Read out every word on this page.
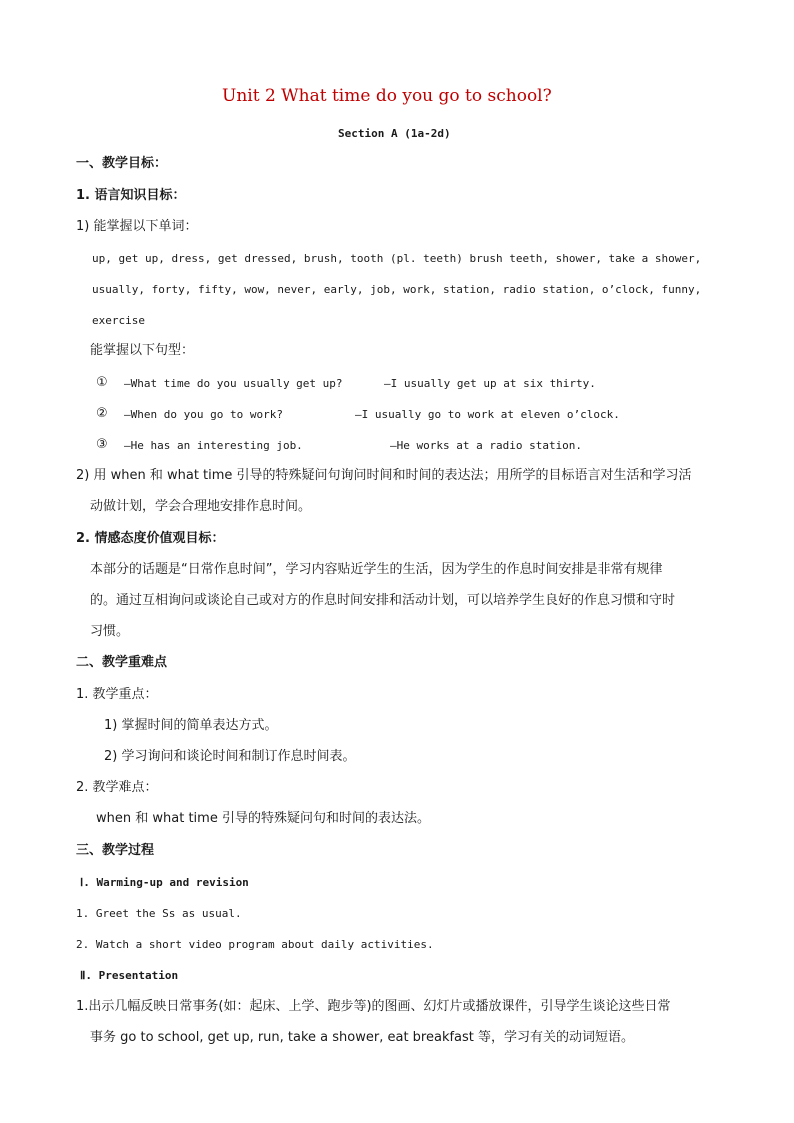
Unit 2 What time do you go to school?
Section A (1a-2d)
一、教学目标：
1. 语言知识目标：
1) 能掌握以下单词：
up, get up, dress, get dressed, brush, tooth (pl. teeth) brush teeth, shower, take a shower,
usually, forty, fifty, wow, never, early, job, work, station, radio station, o’clock, funny,
exercise
能掌握以下句型：
① —What time do you usually get up?	—I usually get up at six thirty.
② —When do you go to work?	—I usually go to work at eleven o’clock.
③ —He has an interesting job.	—He works at a radio station.
2) 用 when 和 what time 引导的特殊疑问句询问时间和时间的表达法；用所学的目标语言对生活和学习活
动做计划，学会合理地安排作息时间。
2. 情感态度价值观目标：
本部分的话题是“日常作息时间”，学习内容贴近学生的生活，因为学生的作息时间安排是非常有规律
的。通过互相询问或谈论自己或对方的作息时间安排和活动计划，可以培养学生良好的作息习惯和守时
习惯。
二、教学重难点
1. 教学重点：
1) 掌握时间的简单表达方式。
2) 学习询问和谈论时间和制订作息时间表。
2. 教学难点：
when 和 what time 引导的特殊疑问句和时间的表达法。
三、教学过程
Ⅰ. Warming-up and revision
1. Greet the Ss as usual.
2. Watch a short video program about daily activities.
Ⅱ. Presentation
1.出示几幅反映日常事务(如：起床、上学、跑步等)的图画、幻灯片或播放课件，引导学生谈论这些日常
事务 go to school, get up, run, take a shower, eat breakfast 等，学习有关的动词短语。
